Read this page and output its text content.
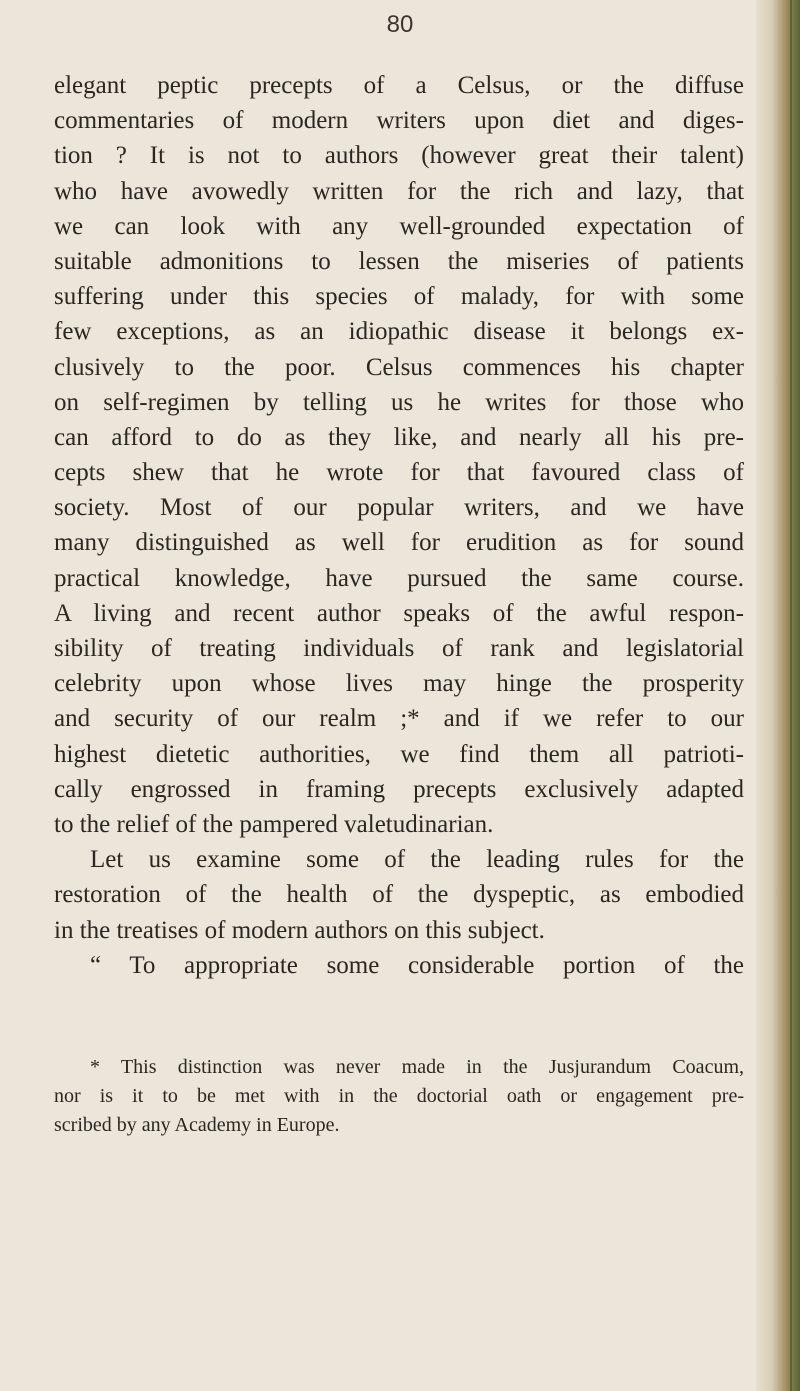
80
elegant peptic precepts of a Celsus, or the diffuse
commentaries of modern writers upon diet and diges-
tion ? It is not to authors (however great their talent)
who have avowedly written for the rich and lazy, that
we can look with any well-grounded expectation of
suitable admonitions to lessen the miseries of patients
suffering under this species of malady, for with some
few exceptions, as an idiopathic disease it belongs ex-
clusively to the poor. Celsus commences his chapter
on self-regimen by telling us he writes for those who
can afford to do as they like, and nearly all his pre-
cepts shew that he wrote for that favoured class of
society. Most of our popular writers, and we have
many distinguished as well for erudition as for sound
practical knowledge, have pursued the same course.
A living and recent author speaks of the awful respon-
sibility of treating individuals of rank and legislatorial
celebrity upon whose lives may hinge the prosperity
and security of our realm ;* and if we refer to our
highest dietetic authorities, we find them all patrioti-
cally engrossed in framing precepts exclusively adapted
to the relief of the pampered valetudinarian.
Let us examine some of the leading rules for the
restoration of the health of the dyspeptic, as embodied
in the treatises of modern authors on this subject.
“ To appropriate some considerable portion of the
* This distinction was never made in the Jusjurandum Coacum,
nor is it to be met with in the doctorial oath or engagement pre-
scribed by any Academy in Europe.
